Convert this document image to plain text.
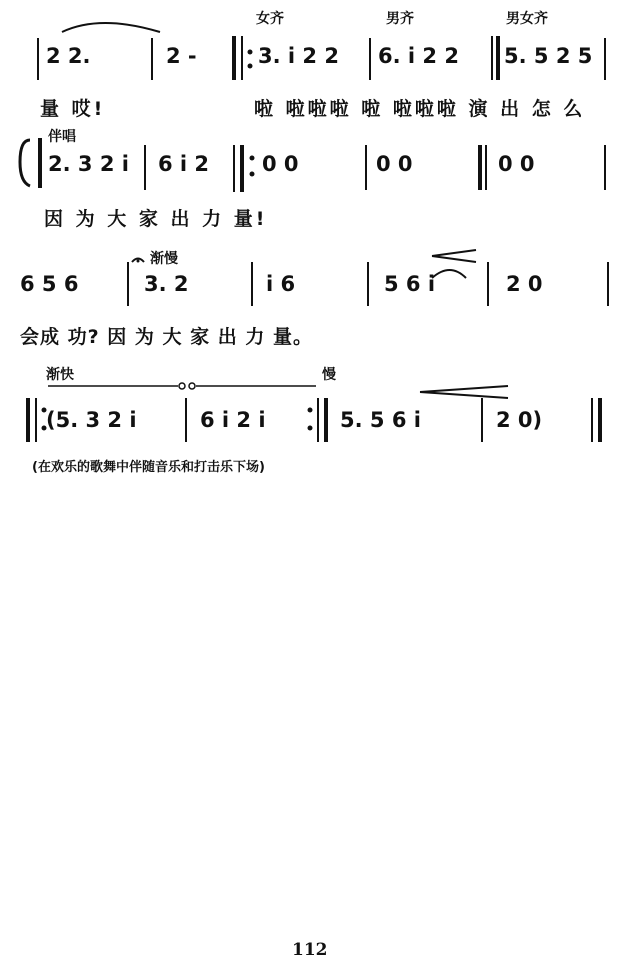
女齐	男齐	男女齐
2 2.	2 -	3. i 2 2 6. i 2 2 5. 5 2 5
量 哎!	啦 啦啦啦 啦 啦啦啦 演 出 怎 么
伴唱
2. 3 2 i 6 i 2	0 0	0 0	0 0
因 为 大 家 出 力 量!
渐慢
6 5 6	3. 2	i 6	5 6 i	2 0
会成 功? 因 为 大 家 出 力 量。
渐快	慢
(5. 3 2 i	6 i 2 i	5. 5 6 i	2 0)
(在欢乐的歌舞中伴随音乐和打击乐下场)
112
